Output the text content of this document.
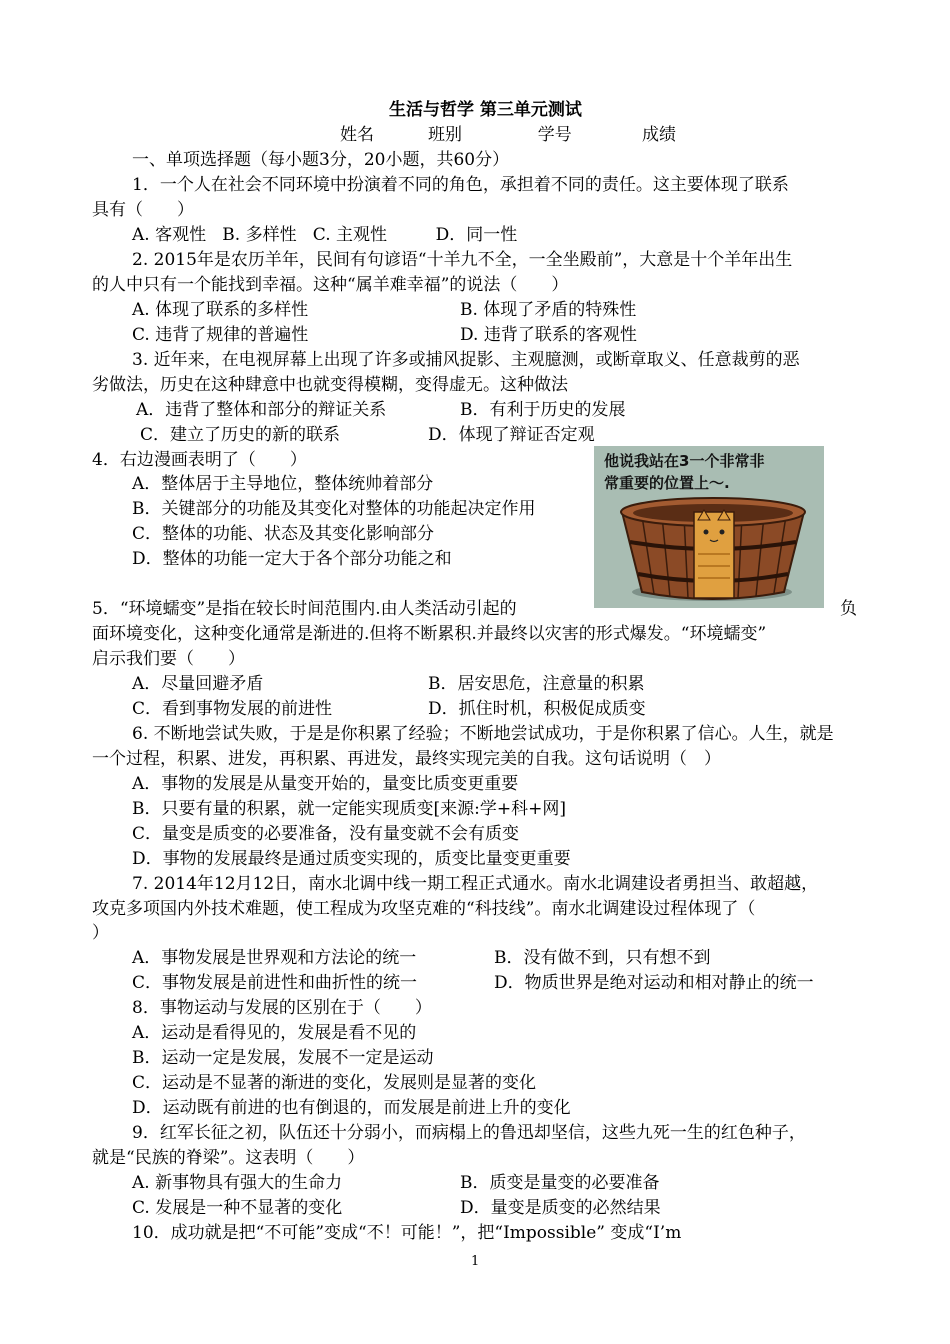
生活与哲学 第三单元测试

姓名          班别              学号             成绩

一、单项选择题（每小题3分，20小题，共60分）

1．一个人在社会不同环境中扮演着不同的角色，承担着不同的责任。这主要体现了联系

具有（　　）

A. 客观性   B. 多样性   C. 主观性         D．同一性

2. 2015年是农历羊年，民间有句谚语“十羊九不全，一全坐殿前”，大意是十个羊年出生

的人中只有一个能找到幸福。这种“属羊难幸福”的说法（　　）

A. 体现了联系的多样性	B. 体现了矛盾的特殊性

C. 违背了规律的普遍性	D. 违背了联系的客观性

3. 近年来，在电视屏幕上出现了许多或捕风捉影、主观臆测，或断章取义、任意裁剪的恶

劣做法，历史在这种肆意中也就变得模糊，变得虚无。这种做法

A．违背了整体和部分的辩证关系	B．有利于历史的发展

C．建立了历史的新的联系	D．体现了辩证否定观

4．右边漫画表明了（　　）

A．整体居于主导地位，整体统帅着部分

B．关键部分的功能及其变化对整体的功能起决定作用

C．整体的功能、状态及其变化影响部分

D．整体的功能一定大于各个部分功能之和

他说我站在3一个非常非
常重要的位置上～.

5．“环境蠕变”是指在较长时间范围内.由人类活动引起的	负

面环境变化，这种变化通常是渐进的.但将不断累积.并最终以灾害的形式爆发。“环境蠕变”

启示我们要（　　）

A．尽量回避矛盾	B．居安思危，注意量的积累

C．看到事物发展的前进性	D．抓住时机，积极促成质变

6. 不断地尝试失败，于是是你积累了经验；不断地尝试成功，于是你积累了信心。人生，就是

一个过程，积累、进发，再积累、再进发，最终实现完美的自我。这句话说明（　）

A．事物的发展是从量变开始的，量变比质变更重要

B．只要有量的积累，就一定能实现质变[来源:学+科+网]

C．量变是质变的必要准备，没有量变就不会有质变

D．事物的发展最终是通过质变实现的，质变比量变更重要

7. 2014年12月12日，南水北调中线一期工程正式通水。南水北调建设者勇担当、敢超越，

攻克多项国内外技术难题，使工程成为攻坚克难的“科技线”。南水北调建设过程体现了（

）

A．事物发展是世界观和方法论的统一	B．没有做不到，只有想不到

C．事物发展是前进性和曲折性的统一	D．物质世界是绝对运动和相对静止的统一

8．事物运动与发展的区别在于（　　）

A．运动是看得见的，发展是看不见的

B．运动一定是发展，发展不一定是运动

C．运动是不显著的渐进的变化，发展则是显著的变化

D．运动既有前进的也有倒退的，而发展是前进上升的变化

9．红军长征之初，队伍还十分弱小，而病榻上的鲁迅却坚信，这些九死一生的红色种子，

就是“民族的脊梁”。这表明（　　）

A. 新事物具有强大的生命力	B．质变是量变的必要准备

C. 发展是一种不显著的变化	D．量变是质变的必然结果

10．成功就是把“不可能”变成“不！可能！”，把“Impossible” 变成“I’m

1
